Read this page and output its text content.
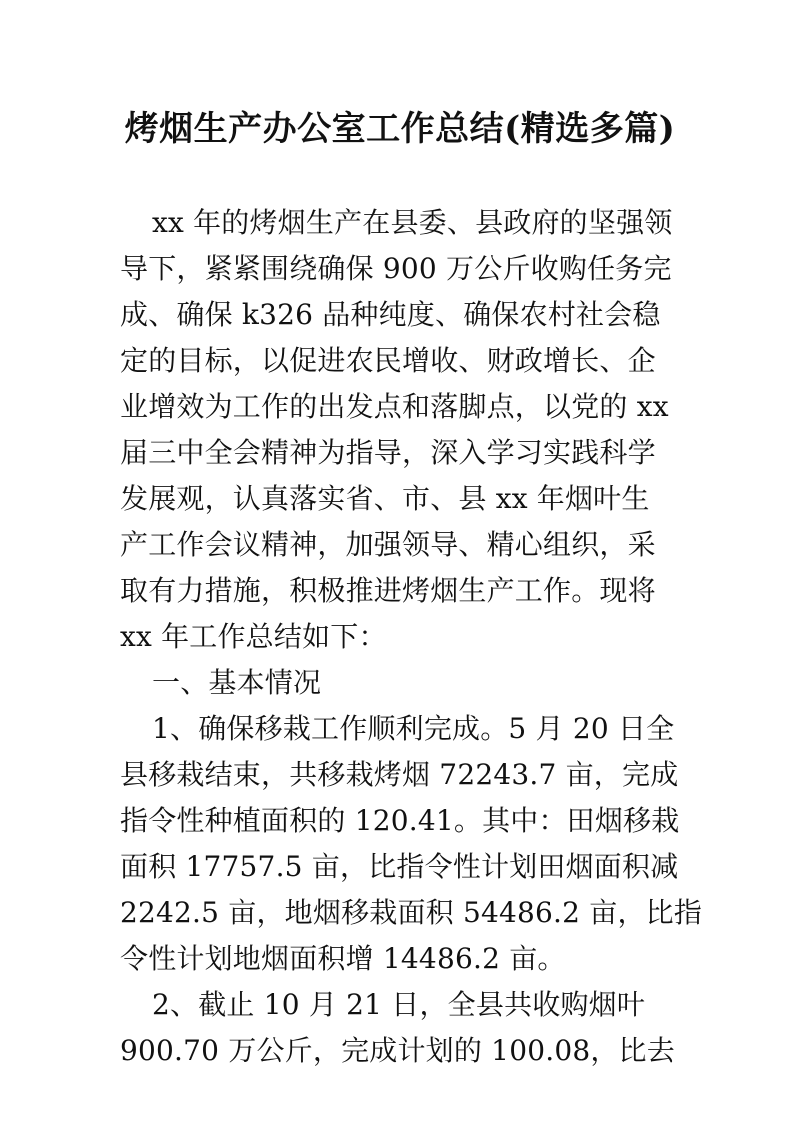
烤烟生产办公室工作总结(精选多篇)
xx 年的烤烟生产在县委、县政府的坚强领
导下，紧紧围绕确保 900 万公斤收购任务完
成、确保 k326 品种纯度、确保农村社会稳
定的目标，以促进农民增收、财政增长、企
业增效为工作的出发点和落脚点，以党的 xx
届三中全会精神为指导，深入学习实践科学
发展观，认真落实省、市、县 xx 年烟叶生
产工作会议精神，加强领导、精心组织，采
取有力措施，积极推进烤烟生产工作。现将
xx 年工作总结如下：
一、基本情况
1、确保移栽工作顺利完成。5 月 20 日全
县移栽结束，共移栽烤烟 72243.7 亩，完成
指令性种植面积的 120.41。其中：田烟移栽
面积 17757.5 亩，比指令性计划田烟面积减
2242.5 亩，地烟移栽面积 54486.2 亩，比指
令性计划地烟面积增 14486.2 亩。
2、截止 10 月 21 日，全县共收购烟叶
900.70 万公斤，完成计划的 100.08，比去
